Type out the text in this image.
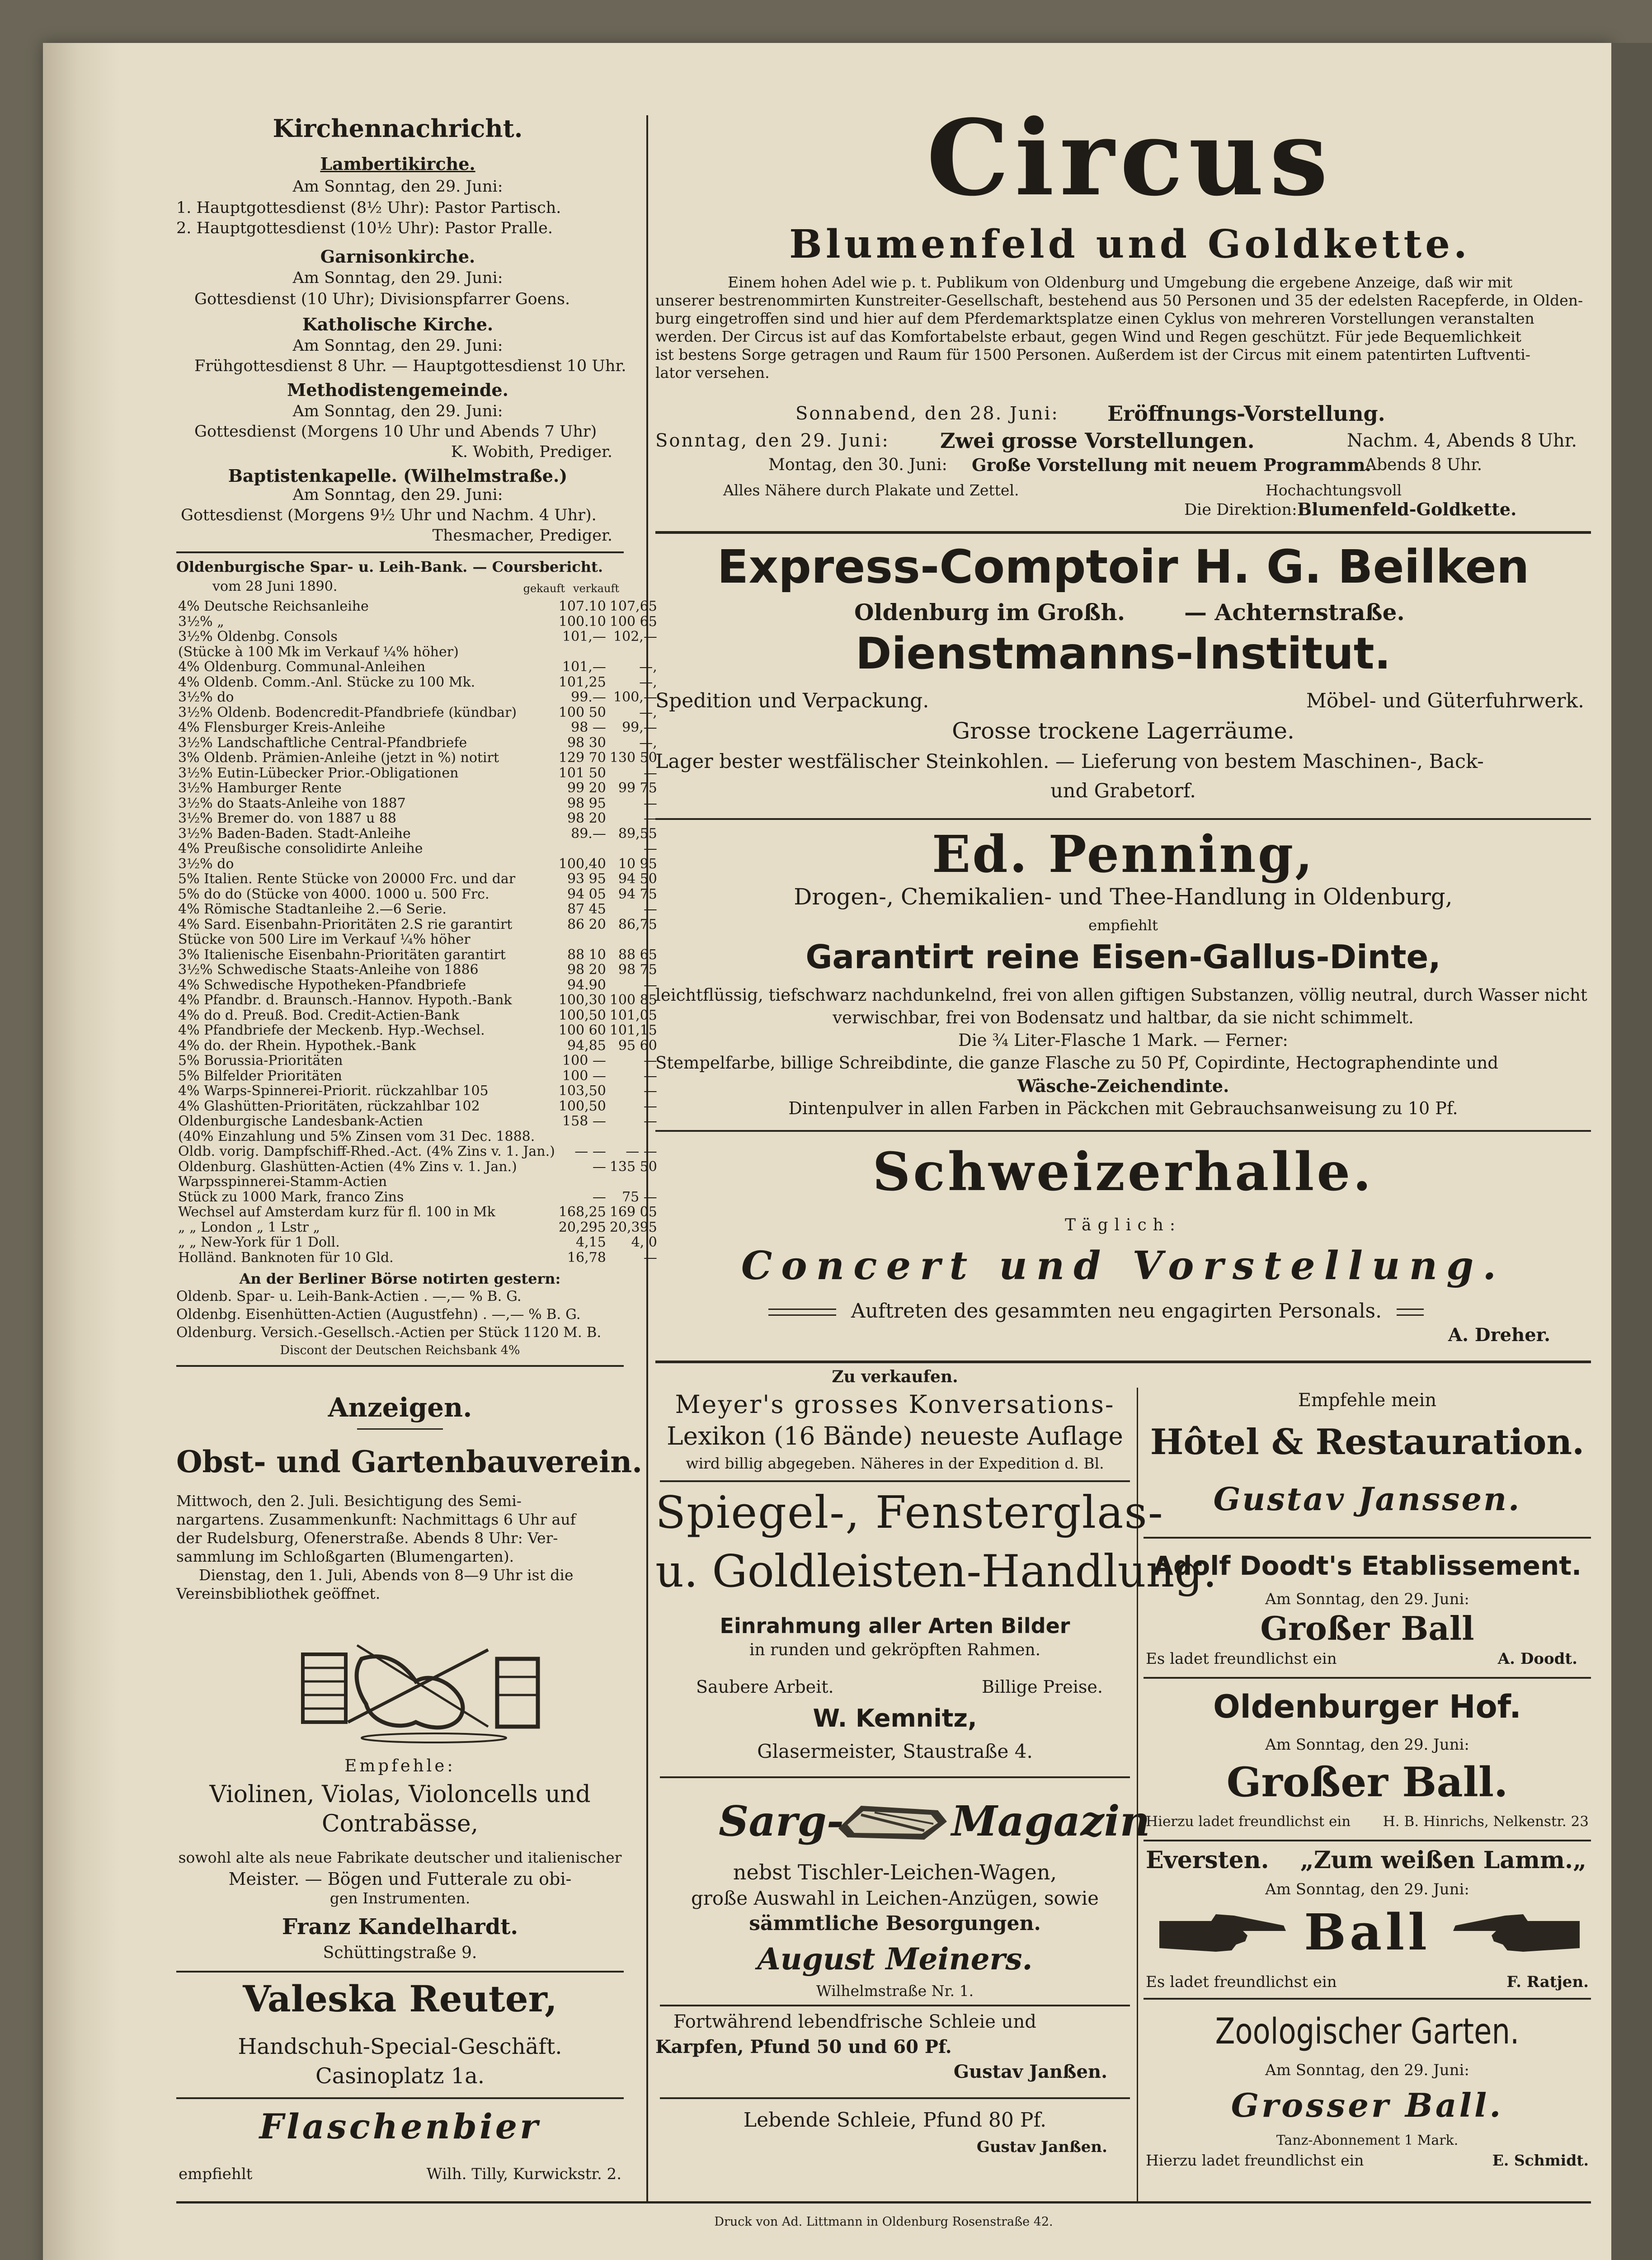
Kirchennachricht.
Lambertikirche.
Am Sonntag, den 29. Juni:
1. Hauptgottesdienst (8½ Uhr): Pastor Partisch.
2. Hauptgottesdienst (10½ Uhr): Pastor Pralle.
Garnisonkirche.
Am Sonntag, den 29. Juni:
Gottesdienst (10 Uhr); Divisionspfarrer Goens.
Katholische Kirche.
Am Sonntag, den 29. Juni:
Frühgottesdienst 8 Uhr. — Hauptgottesdienst 10 Uhr.
Methodistengemeinde.
Am Sonntag, den 29. Juni:
Gottesdienst (Morgens 10 Uhr und Abends 7 Uhr)
K. Wobith, Prediger.
Baptistenkapelle. (Wilhelmstraße.)
Am Sonntag, den 29. Juni:
Gottesdienst (Morgens 9½ Uhr und Nachm. 4 Uhr).
Thesmacher, Prediger.
Oldenburgische Spar- u. Leih-Bank. — Coursbericht.
vom 28 Juni 1890.	gekauft verkauft
4% Deutsche Reichsanleihe	107.10	107,65
3½% „	100.10	100 65
3½% Oldenbg. Consols	101,—	102,—
(Stücke à 100 Mk im Verkauf ¼% höher)		
4% Oldenburg. Communal-Anleihen	101,—	—,
4% Oldenb. Comm.-Anl. Stücke zu 100 Mk.	101,25	—,
3½% do	99.—	100,—
3½% Oldenb. Bodencredit-Pfandbriefe (kündbar)	100 50	—,
4% Flensburger Kreis-Anleihe	98 —	99,—
3½% Landschaftliche Central-Pfandbriefe	98 30	—,
3% Oldenb. Prämien-Anleihe (jetzt in %) notirt	129 70	130 50
3½% Eutin-Lübecker Prior.-Obligationen	101 50	—
3½% Hamburger Rente	99 20	99 75
3½% do Staats-Anleihe von 1887	98 95	—
3½% Bremer do. von 1887 u 88	98 20	—
3½% Baden-Baden. Stadt-Anleihe	89.—	89,55
4% Preußische consolidirte Anleihe		—
3½% do	100,40	10 95
5% Italien. Rente Stücke von 20000 Frc. und dar	93 95	94 50
5% do do (Stücke von 4000. 1000 u. 500 Frc.	94 05	94 75
4% Römische Stadtanleihe 2.—6 Serie.	87 45	—
4% Sard. Eisenbahn-Prioritäten 2.S rie garantirt	86 20	86,75
Stücke von 500 Lire im Verkauf ¼% höher		
3% Italienische Eisenbahn-Prioritäten garantirt	88 10	88 65
3½% Schwedische Staats-Anleihe von 1886	98 20	98 75
4% Schwedische Hypotheken-Pfandbriefe	94.90	—
4% Pfandbr. d. Braunsch.-Hannov. Hypoth.-Bank	100,30	100 85
4% do d. Preuß. Bod. Credit-Actien-Bank	100,50	101,05
4% Pfandbriefe der Meckenb. Hyp.-Wechsel.	100 60	101,15
4% do. der Rhein. Hypothek.-Bank	94,85	95 60
5% Borussia-Prioritäten	100 —	—
5% Bilfelder Prioritäten	100 —	—
4% Warps-Spinnerei-Priorit. rückzahlbar 105	103,50	—
4% Glashütten-Prioritäten, rückzahlbar 102	100,50	—
Oldenburgische Landesbank-Actien	158 —	—
(40% Einzahlung und 5% Zinsen vom 31 Dec. 1888.		
Oldb. vorig. Dampfschiff-Rhed.-Act. (4% Zins v. 1. Jan.)	— —	— —
Oldenburg. Glashütten-Actien (4% Zins v. 1. Jan.)	—	135 50
Warpsspinnerei-Stamm-Actien		
Stück zu 1000 Mark, franco Zins	—	75 —
Wechsel auf Amsterdam kurz für fl. 100 in Mk	168,25	169 05
„ „ London „ 1 Lstr „	20,295	20,395
„ „ New-York für 1 Doll.	4,15	4, 0
Holländ. Banknoten für 10 Gld.	16,78	—
An der Berliner Börse notirten gestern:
Oldenb. Spar- u. Leih-Bank-Actien . —,— % B. G.
Oldenbg. Eisenhütten-Actien (Augustfehn) . —,— % B. G.
Oldenburg. Versich.-Gesellsch.-Actien per Stück 1120 M. B.
Discont der Deutschen Reichsbank 4%
Anzeigen.
Obst- und Gartenbauverein.
Mittwoch, den 2. Juli. Besichtigung des Semi-
nargartens. Zusammenkunft: Nachmittags 6 Uhr auf
der Rudelsburg, Ofenerstraße. Abends 8 Uhr: Ver-
sammlung im Schloßgarten (Blumengarten).
Dienstag, den 1. Juli, Abends von 8—9 Uhr ist die
Vereinsbibliothek geöffnet.
Empfehle:
Violinen, Violas, Violoncells und
Contrabässe,
sowohl alte als neue Fabrikate deutscher und italienischer
Meister. — Bögen und Futterale zu obi-
gen Instrumenten.
Franz Kandelhardt.
Schüttingstraße 9.
Valeska Reuter,
Handschuh-Special-Geschäft.
Casinoplatz 1a.
Flaschenbier
empfiehlt	Wilh. Tilly, Kurwickstr. 2.
Circus
Blumenfeld und Goldkette.
Einem hohen Adel wie p. t. Publikum von Oldenburg und Umgebung die ergebene Anzeige, daß wir mit
unserer bestrenommirten Kunstreiter-Gesellschaft, bestehend aus 50 Personen und 35 der edelsten Racepferde, in Olden-
burg eingetroffen sind und hier auf dem Pferdemarktsplatze einen Cyklus von mehreren Vorstellungen veranstalten
werden. Der Circus ist auf das Komfortabelste erbaut, gegen Wind und Regen geschützt. Für jede Bequemlichkeit
ist bestens Sorge getragen und Raum für 1500 Personen. Außerdem ist der Circus mit einem patentirten Luftventi-
lator versehen.
Sonnabend, den 28. Juni:	Eröffnungs-Vorstellung.
Sonntag, den 29. Juni:	Zwei grosse Vorstellungen.	Nachm. 4, Abends 8 Uhr.
Montag, den 30. Juni:	Große Vorstellung mit neuem Programm.
Abends 8 Uhr.
Alles Nähere durch Plakate und Zettel.	Hochachtungsvoll
Die Direktion: Blumenfeld-Goldkette.
Express-Comptoir H. G. Beilken
Oldenburg im Großh.	— Achternstraße.
Dienstmanns-Institut.
Spedition und Verpackung.	Möbel- und Güterfuhrwerk.
Grosse trockene Lagerräume.
Lager bester westfälischer Steinkohlen. — Lieferung von bestem Maschinen-, Back-
und Grabetorf.
Ed. Penning,
Drogen-, Chemikalien- und Thee-Handlung in Oldenburg,
empfiehlt
Garantirt reine Eisen-Gallus-Dinte,
leichtflüssig, tiefschwarz nachdunkelnd, frei von allen giftigen Substanzen, völlig neutral, durch Wasser nicht
verwischbar, frei von Bodensatz und haltbar, da sie nicht schimmelt.
Die ¾ Liter-Flasche 1 Mark. — Ferner:
Stempelfarbe, billige Schreibdinte, die ganze Flasche zu 50 Pf, Copirdinte, Hectographendinte und
Wäsche-Zeichendinte.
Dintenpulver in allen Farben in Päckchen mit Gebrauchsanweisung zu 10 Pf.
Schweizerhalle.
Täglich:
Concert und Vorstellung.
Auftreten des gesammten neu engagirten Personals.
A. Dreher.
Zu verkaufen.
Meyer's grosses Konversations-
Lexikon (16 Bände) neueste Auflage
wird billig abgegeben. Näheres in der Expedition d. Bl.
Spiegel-, Fensterglas-
u. Goldleisten-Handlung.
Einrahmung aller Arten Bilder
in runden und gekröpften Rahmen.
Saubere Arbeit.	Billige Preise.
W. Kemnitz,
Glasermeister, Staustraße 4.
Sarg-	Magazin
nebst Tischler-Leichen-Wagen,
große Auswahl in Leichen-Anzügen, sowie
sämmtliche Besorgungen.
August Meiners.
Wilhelmstraße Nr. 1.
Fortwährend lebendfrische Schleie und
Karpfen, Pfund 50 und 60 Pf.
Gustav Janßen.
Lebende Schleie, Pfund 80 Pf.
Gustav Janßen.
Empfehle mein
Hôtel & Restauration.
Gustav Janssen.
Adolf Doodt's Etablissement.
Am Sonntag, den 29. Juni:
Großer Ball
Es ladet freundlichst ein	A. Doodt.
Oldenburger Hof.
Am Sonntag, den 29. Juni:
Großer Ball.
Hierzu ladet freundlichst ein	H. B. Hinrichs, Nelkenstr. 23
Eversten.	„Zum weißen Lamm.„
Am Sonntag, den 29. Juni:
Ball
Es ladet freundlichst ein	F. Ratjen.
Zoologischer Garten.
Am Sonntag, den 29. Juni:
Grosser Ball.
Tanz-Abonnement 1 Mark.
Hierzu ladet freundlichst ein	E. Schmidt.
Druck von Ad. Littmann in Oldenburg Rosenstraße 42.
